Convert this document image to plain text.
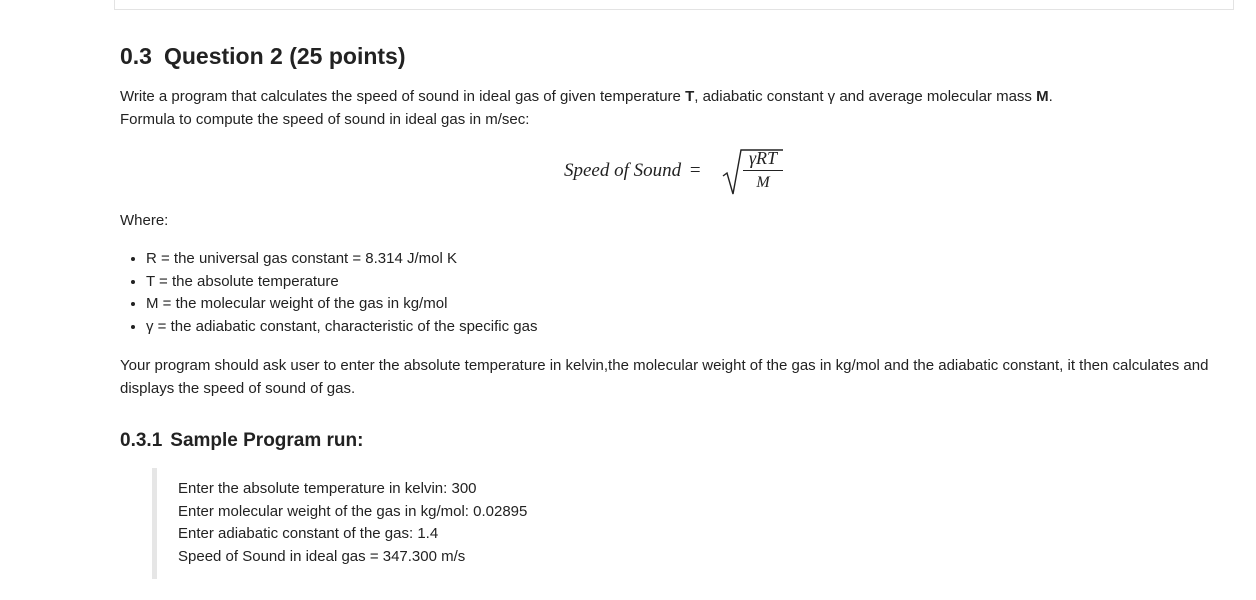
0.3 Question 2 (25 points)

Write a program that calculates the speed of sound in ideal gas of given temperature T, adiabatic constant γ and average molecular mass M.
Formula to compute the speed of sound in ideal gas in m/sec:

Speed of Sound =
γRT
M

Where:

• R = the universal gas constant = 8.314 J/mol K
• T = the absolute temperature
• M = the molecular weight of the gas in kg/mol
• γ = the adiabatic constant, characteristic of the specific gas

Your program should ask user to enter the absolute temperature in kelvin,the molecular weight of the gas in kg/mol and the adiabatic constant, it then calculates and displays the speed of sound of gas.

0.3.1 Sample Program run:
Enter the absolute temperature in kelvin: 300
Enter molecular weight of the gas in kg/mol: 0.02895
Enter adiabatic constant of the gas: 1.4
Speed of Sound in ideal gas = 347.300 m/s
